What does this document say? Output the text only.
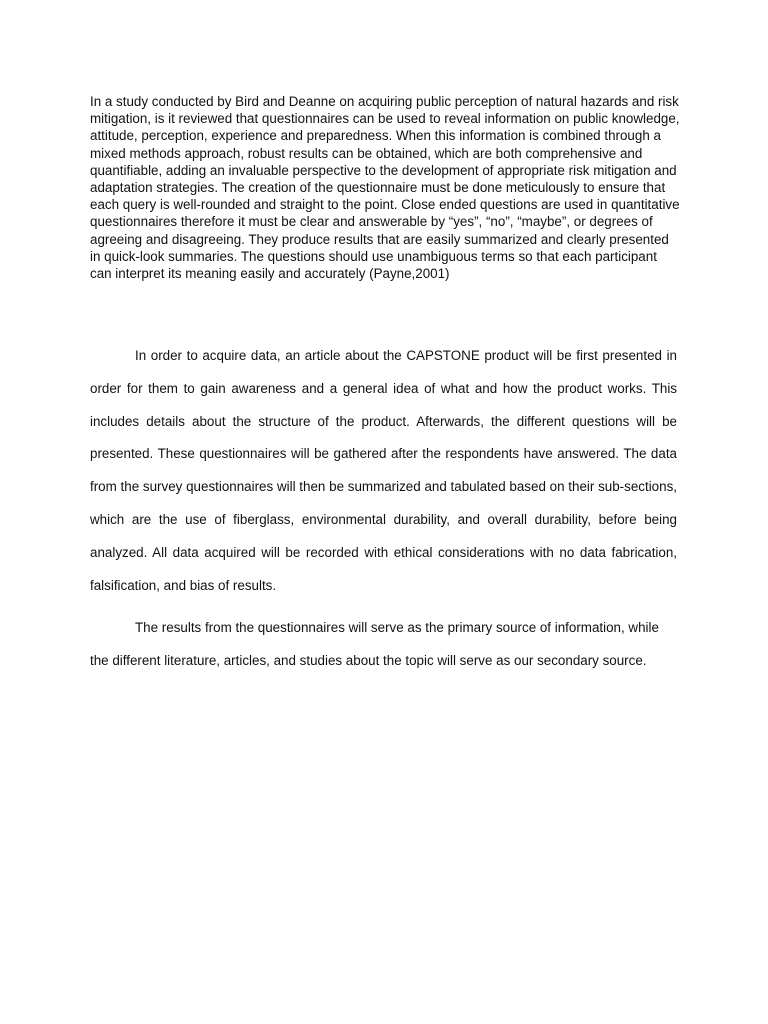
In a study conducted by Bird and Deanne on acquiring public perception of natural hazards and risk mitigation, is it reviewed that questionnaires can be used to reveal information on public knowledge, attitude, perception, experience and preparedness. When this information is combined through a mixed methods approach, robust results can be obtained, which are both comprehensive and quantifiable, adding an invaluable perspective to the development of appropriate risk mitigation and adaptation strategies. The creation of the questionnaire must be done meticulously to ensure that each query is well-rounded and straight to the point. Close ended questions are used in quantitative questionnaires therefore it must be clear and answerable by “yes”, “no”, “maybe”, or degrees of agreeing and disagreeing. They produce results that are easily summarized and clearly presented in quick-look summaries. The questions should use unambiguous terms so that each participant can interpret its meaning easily and accurately (Payne,2001)

In order to acquire data, an article about the CAPSTONE product will be first presented in order for them to gain awareness and a general idea of what and how the product works. This includes details about the structure of the product. Afterwards, the different questions will be presented. These questionnaires will be gathered after the respondents have answered. The data from the survey questionnaires will then be summarized and tabulated based on their sub-sections, which are the use of fiberglass, environmental durability, and overall durability, before being analyzed. All data acquired will be recorded with ethical considerations with no data fabrication, falsification, and bias of results.

The results from the questionnaires will serve as the primary source of information, while the different literature, articles, and studies about the topic will serve as our secondary source.
